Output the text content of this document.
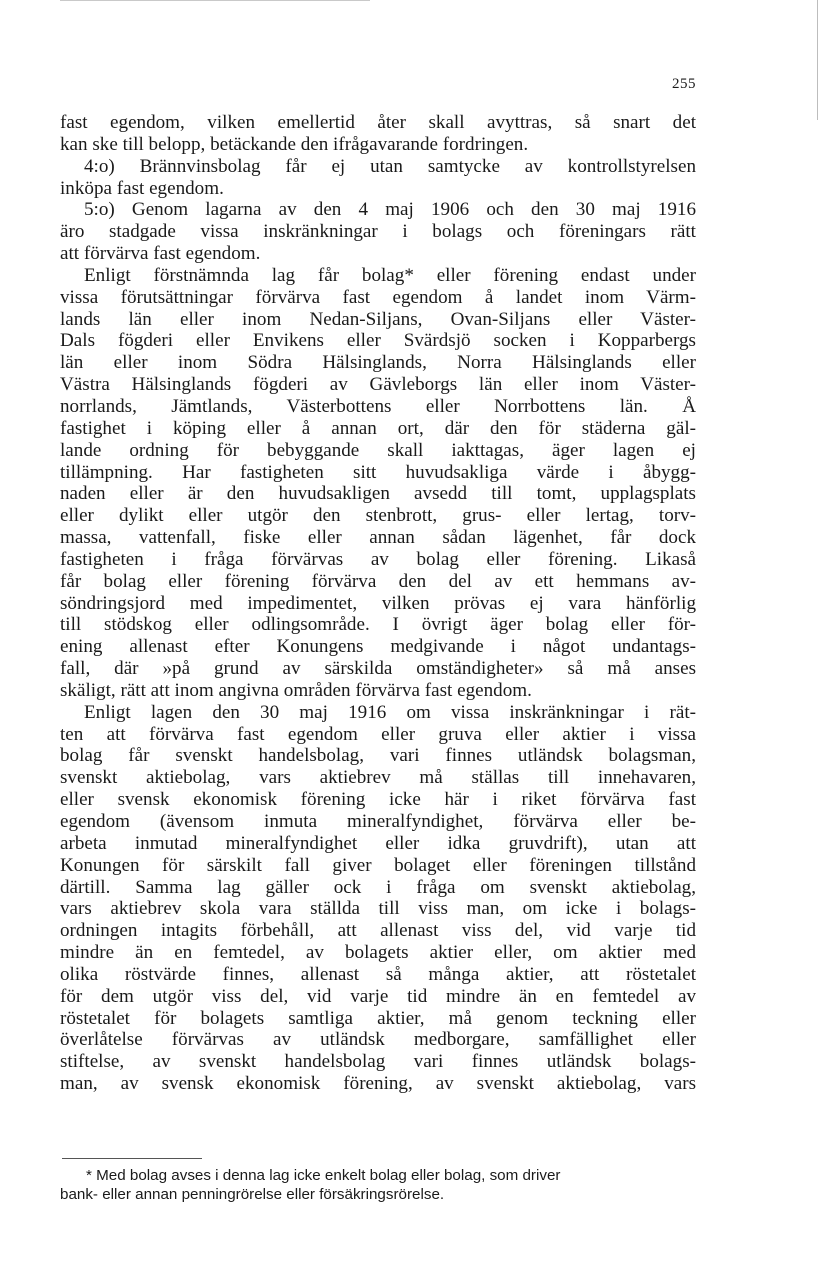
255
fast egendom, vilken emellertid åter skall avyttras, så snart det
kan ske till belopp, betäckande den ifrågavarande fordringen.
4:o) Brännvinsbolag får ej utan samtycke av kontrollstyrelsen
inköpa fast egendom.
5:o) Genom lagarna av den 4 maj 1906 och den 30 maj 1916
äro stadgade vissa inskränkningar i bolags och föreningars rätt
att förvärva fast egendom.
Enligt förstnämnda lag får bolag* eller förening endast under
vissa förutsättningar förvärva fast egendom å landet inom Värm-
lands län eller inom Nedan-Siljans, Ovan-Siljans eller Väster-
Dals fögderi eller Envikens eller Svärdsjö socken i Kopparbergs
län eller inom Södra Hälsinglands, Norra Hälsinglands eller
Västra Hälsinglands fögderi av Gävleborgs län eller inom Väster-
norrlands, Jämtlands, Västerbottens eller Norrbottens län. Å
fastighet i köping eller å annan ort, där den för städerna gäl-
lande ordning för bebyggande skall iakttagas, äger lagen ej
tillämpning. Har fastigheten sitt huvudsakliga värde i åbygg-
naden eller är den huvudsakligen avsedd till tomt, upplagsplats
eller dylikt eller utgör den stenbrott, grus- eller lertag, torv-
massa, vattenfall, fiske eller annan sådan lägenhet, får dock
fastigheten i fråga förvärvas av bolag eller förening. Likaså
får bolag eller förening förvärva den del av ett hemmans av-
söndringsjord med impedimentet, vilken prövas ej vara hänförlig
till stödskog eller odlingsområde. I övrigt äger bolag eller för-
ening allenast efter Konungens medgivande i något undantags-
fall, där »på grund av särskilda omständigheter» så må anses
skäligt, rätt att inom angivna områden förvärva fast egendom.
Enligt lagen den 30 maj 1916 om vissa inskränkningar i rät-
ten att förvärva fast egendom eller gruva eller aktier i vissa
bolag får svenskt handelsbolag, vari finnes utländsk bolagsman,
svenskt aktiebolag, vars aktiebrev må ställas till innehavaren,
eller svensk ekonomisk förening icke här i riket förvärva fast
egendom (ävensom inmuta mineralfyndighet, förvärva eller be-
arbeta inmutad mineralfyndighet eller idka gruvdrift), utan att
Konungen för särskilt fall giver bolaget eller föreningen tillstånd
därtill. Samma lag gäller ock i fråga om svenskt aktiebolag,
vars aktiebrev skola vara ställda till viss man, om icke i bolags-
ordningen intagits förbehåll, att allenast viss del, vid varje tid
mindre än en femtedel, av bolagets aktier eller, om aktier med
olika röstvärde finnes, allenast så många aktier, att röstetalet
för dem utgör viss del, vid varje tid mindre än en femtedel av
röstetalet för bolagets samtliga aktier, må genom teckning eller
överlåtelse förvärvas av utländsk medborgare, samfällighet eller
stiftelse, av svenskt handelsbolag vari finnes utländsk bolags-
man, av svensk ekonomisk förening, av svenskt aktiebolag, vars
* Med bolag avses i denna lag icke enkelt bolag eller bolag, som driver
bank- eller annan penningrörelse eller försäkringsrörelse.
